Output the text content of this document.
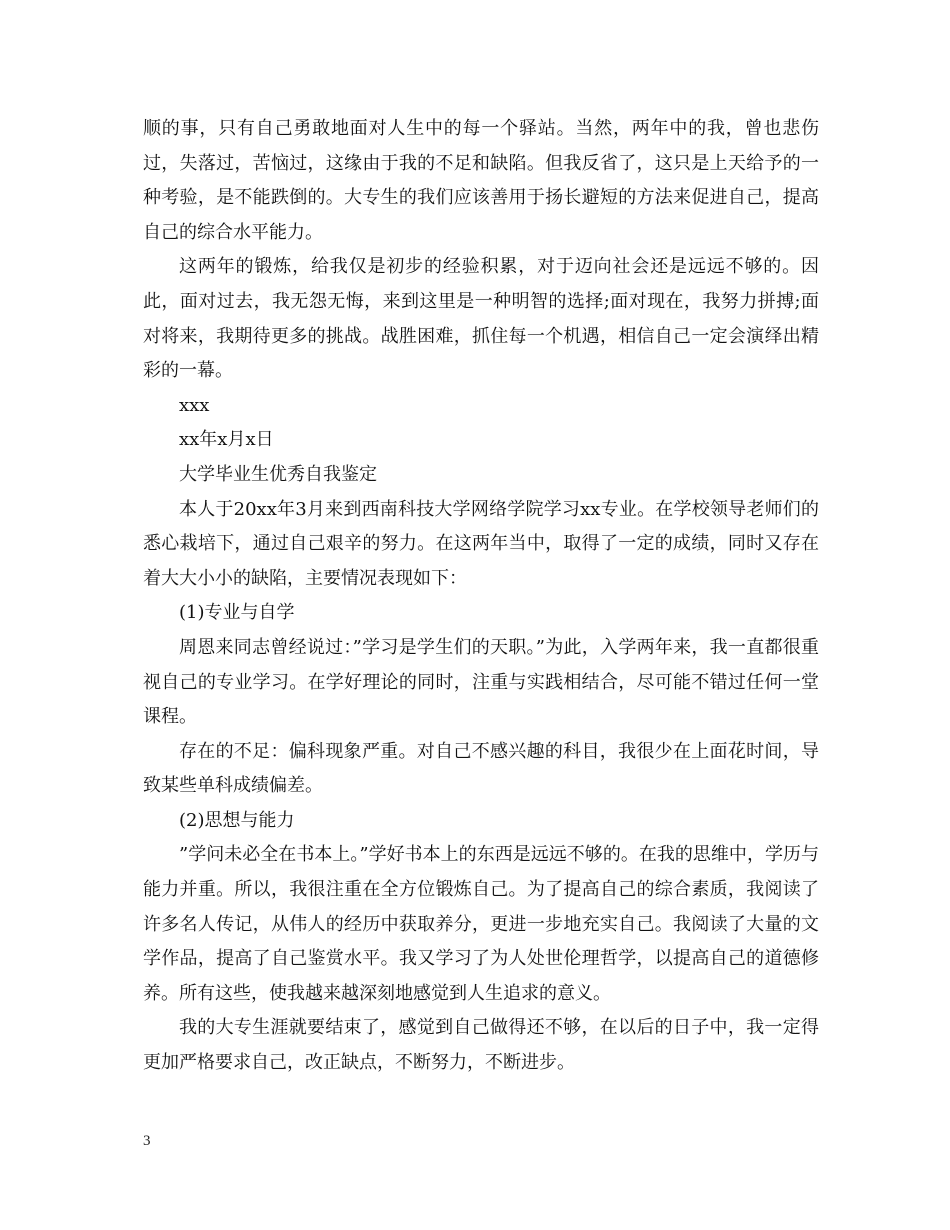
顺的事，只有自己勇敢地面对人生中的每一个驿站。当然，两年中的我，曾也悲伤过，失落过，苦恼过，这缘由于我的不足和缺陷。但我反省了，这只是上天给予的一种考验，是不能跌倒的。大专生的我们应该善用于扬长避短的方法来促进自己，提高自己的综合水平能力。

这两年的锻炼，给我仅是初步的经验积累，对于迈向社会还是远远不够的。因此，面对过去，我无怨无悔，来到这里是一种明智的选择;面对现在，我努力拼搏;面对将来，我期待更多的挑战。战胜困难，抓住每一个机遇，相信自己一定会演绎出精彩的一幕。

xxx

xx年x月x日

大学毕业生优秀自我鉴定

本人于20xx年3月来到西南科技大学网络学院学习xx专业。在学校领导老师们的悉心栽培下，通过自己艰辛的努力。在这两年当中，取得了一定的成绩，同时又存在着大大小小的缺陷，主要情况表现如下：

(1)专业与自学

周恩来同志曾经说过：”学习是学生们的天职。”为此，入学两年来，我一直都很重视自己的专业学习。在学好理论的同时，注重与实践相结合，尽可能不错过任何一堂课程。

存在的不足：偏科现象严重。对自己不感兴趣的科目，我很少在上面花时间，导致某些单科成绩偏差。

(2)思想与能力

”学问未必全在书本上。”学好书本上的东西是远远不够的。在我的思维中，学历与能力并重。所以，我很注重在全方位锻炼自己。为了提高自己的综合素质，我阅读了许多名人传记，从伟人的经历中获取养分，更进一步地充实自己。我阅读了大量的文学作品，提高了自己鉴赏水平。我又学习了为人处世伦理哲学，以提高自己的道德修养。所有这些，使我越来越深刻地感觉到人生追求的意义。

我的大专生涯就要结束了，感觉到自己做得还不够，在以后的日子中，我一定得更加严格要求自己，改正缺点，不断努力，不断进步。

3
